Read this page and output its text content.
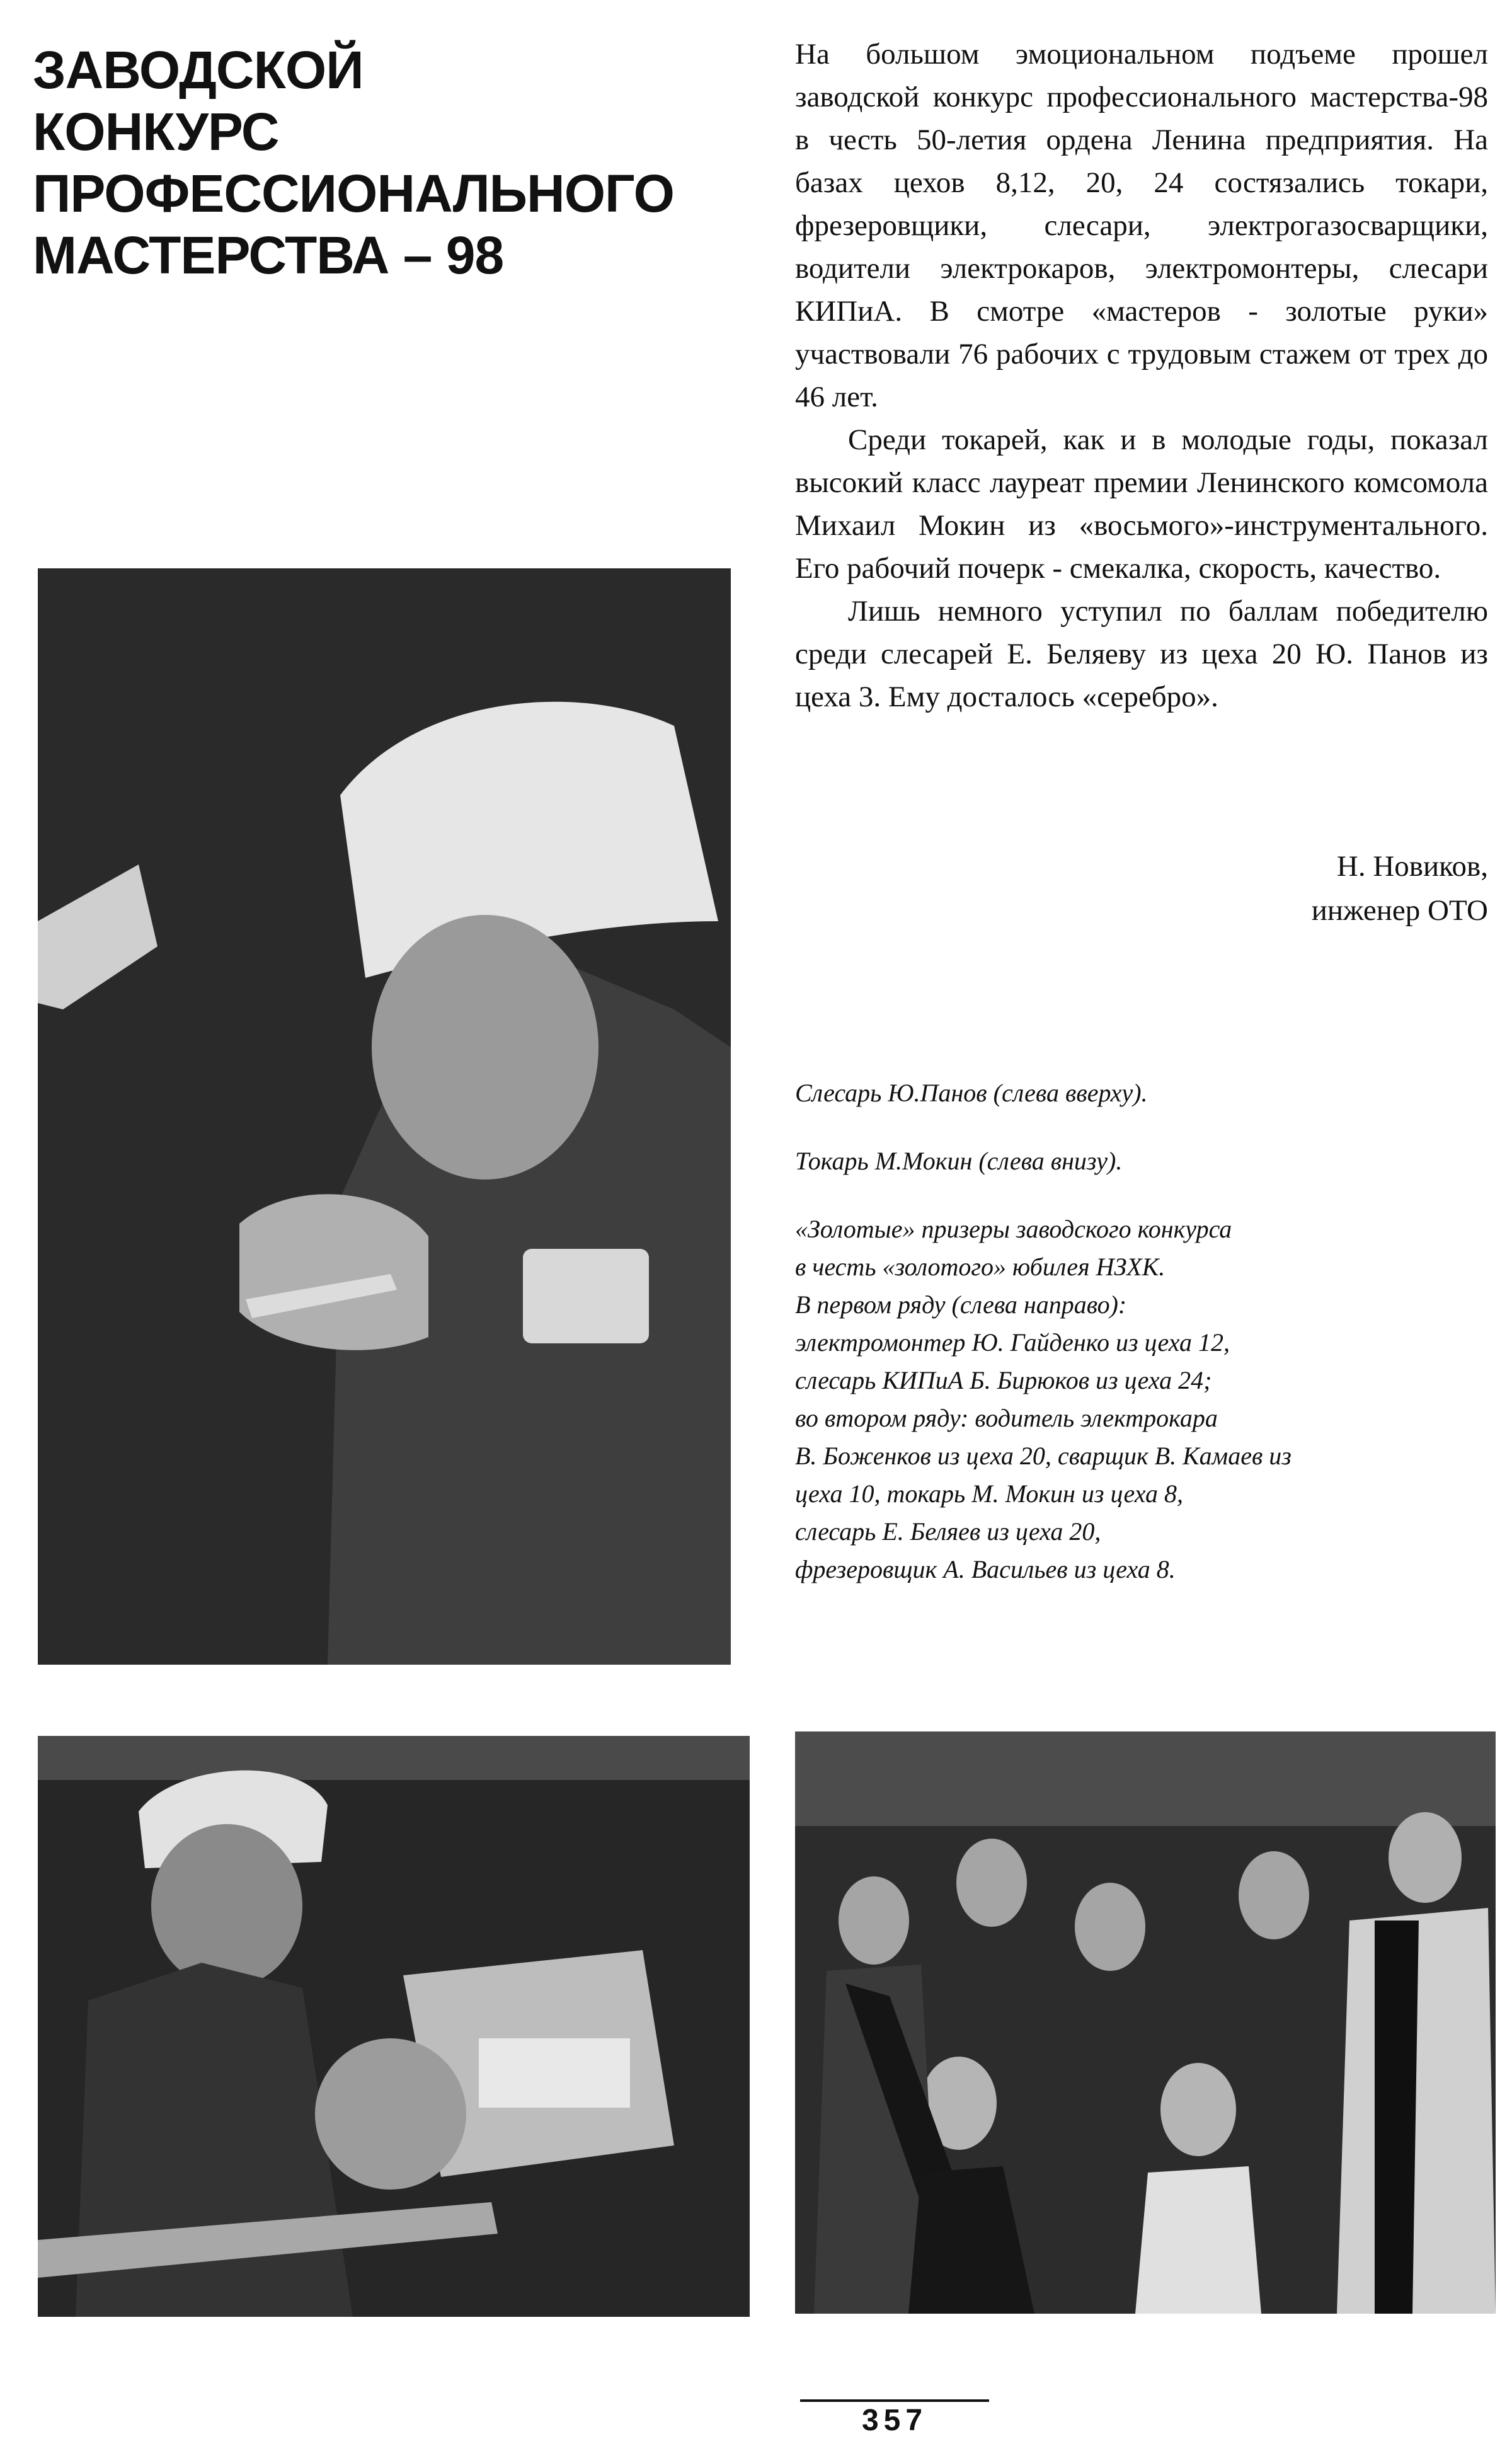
ЗАВОДСКОЙ
КОНКУРС
ПРОФЕССИОНАЛЬНОГО
МАСТЕРСТВА – 98

На большом эмоциональном подъеме прошел заводской конкурс профессионального мастерства-98 в честь 50-летия ордена Ленина предприятия. На базах цехов 8,12, 20, 24 состязались токари, фрезеровщики, слесари, электрогазосварщики, водители электрокаров, электромонтеры, слесари КИПиА. В смотре «мастеров - золотые руки» участвовали 76 рабочих с трудовым стажем от трех до 46 лет.

Среди токарей, как и в молодые годы, показал высокий класс лауреат премии Ленинского комсомола Михаил Мокин из «восьмого»-инструментального. Его рабочий почерк - смекалка, скорость, качество.

Лишь немного уступил по баллам победителю среди слесарей Е. Беляеву из цеха 20 Ю. Панов из цеха 3. Ему досталось «серебро».

Н. Новиков,
инженер ОТО

Слесарь Ю.Панов (слева вверху).

Токарь М.Мокин (слева внизу).

«Золотые» призеры заводского конкурса
в честь «золотого» юбилея НЗХК.
В первом ряду (слева направо):
электромонтер Ю. Гайденко из цеха 12,
слесарь КИПиА Б. Бирюков из цеха 24;
во втором ряду: водитель электрокара
В. Боженков из цеха 20, сварщик В. Камаев из
цеха 10, токарь М. Мокин из цеха 8,
слесарь Е. Беляев из цеха 20,
фрезеровщик А. Васильев из цеха 8.

357
